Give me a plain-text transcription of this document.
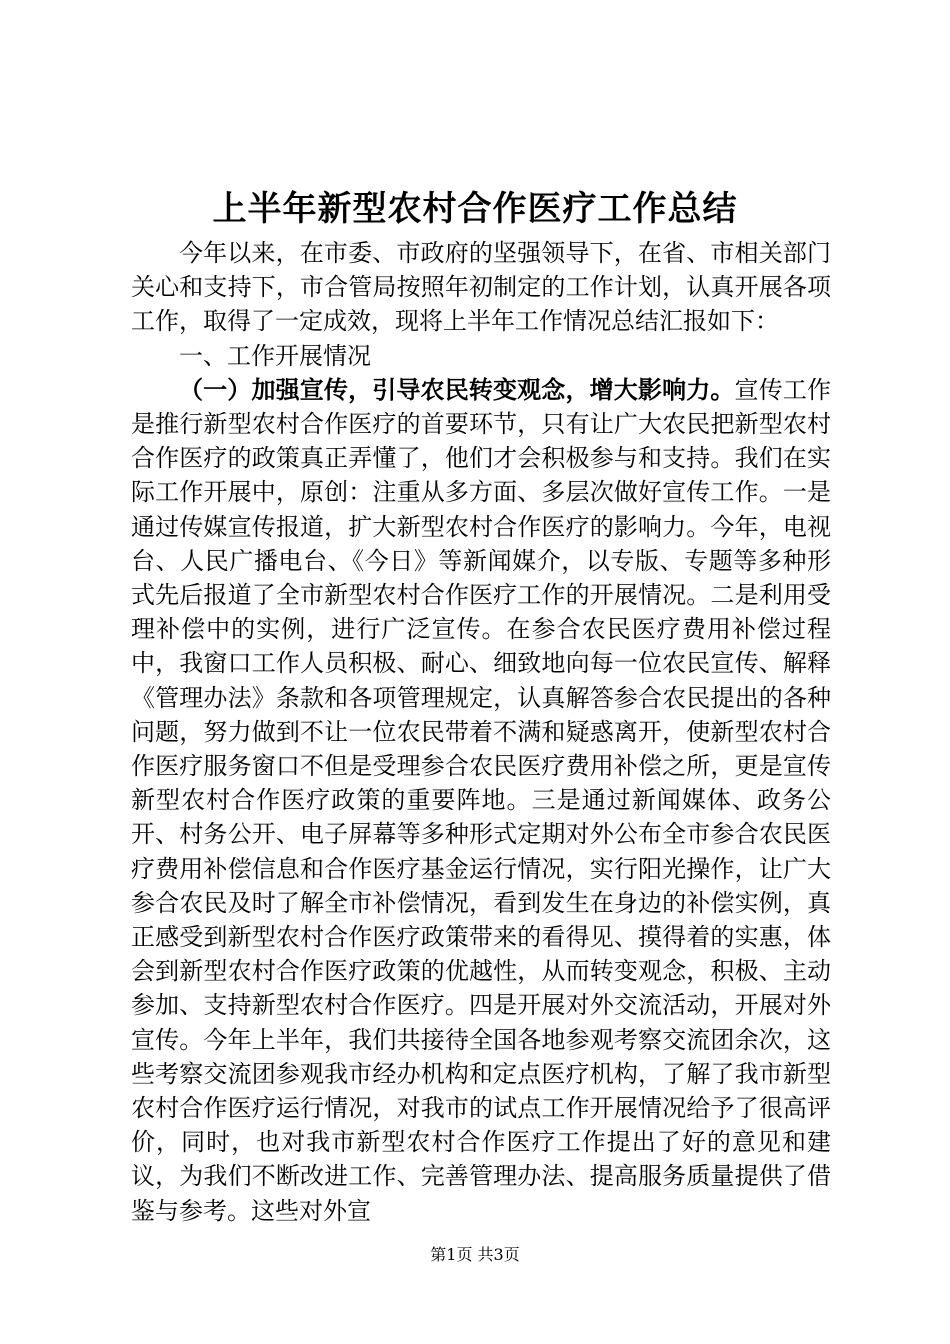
上半年新型农村合作医疗工作总结

今年以来，在市委、市政府的坚强领导下，在省、市相关部门关心和支持下，市合管局按照年初制定的工作计划，认真开展各项工作，取得了一定成效，现将上半年工作情况总结汇报如下：

一、工作开展情况

（一）加强宣传，引导农民转变观念，增大影响力。宣传工作是推行新型农村合作医疗的首要环节，只有让广大农民把新型农村合作医疗的政策真正弄懂了，他们才会积极参与和支持。我们在实际工作开展中，原创：注重从多方面、多层次做好宣传工作。一是通过传媒宣传报道，扩大新型农村合作医疗的影响力。今年，电视台、人民广播电台、《今日》等新闻媒介，以专版、专题等多种形式先后报道了全市新型农村合作医疗工作的开展情况。二是利用受理补偿中的实例，进行广泛宣传。在参合农民医疗费用补偿过程中，我窗口工作人员积极、耐心、细致地向每一位农民宣传、解释《管理办法》条款和各项管理规定，认真解答参合农民提出的各种问题，努力做到不让一位农民带着不满和疑惑离开，使新型农村合作医疗服务窗口不但是受理参合农民医疗费用补偿之所，更是宣传新型农村合作医疗政策的重要阵地。三是通过新闻媒体、政务公开、村务公开、电子屏幕等多种形式定期对外公布全市参合农民医疗费用补偿信息和合作医疗基金运行情况，实行阳光操作，让广大参合农民及时了解全市补偿情况，看到发生在身边的补偿实例，真正感受到新型农村合作医疗政策带来的看得见、摸得着的实惠，体会到新型农村合作医疗政策的优越性，从而转变观念，积极、主动参加、支持新型农村合作医疗。四是开展对外交流活动，开展对外宣传。今年上半年，我们共接待全国各地参观考察交流团余次，这些考察交流团参观我市经办机构和定点医疗机构，了解了我市新型农村合作医疗运行情况，对我市的试点工作开展情况给予了很高评价，同时，也对我市新型农村合作医疗工作提出了好的意见和建议，为我们不断改进工作、完善管理办法、提高服务质量提供了借鉴与参考。这些对外宣

第1页 共3页
